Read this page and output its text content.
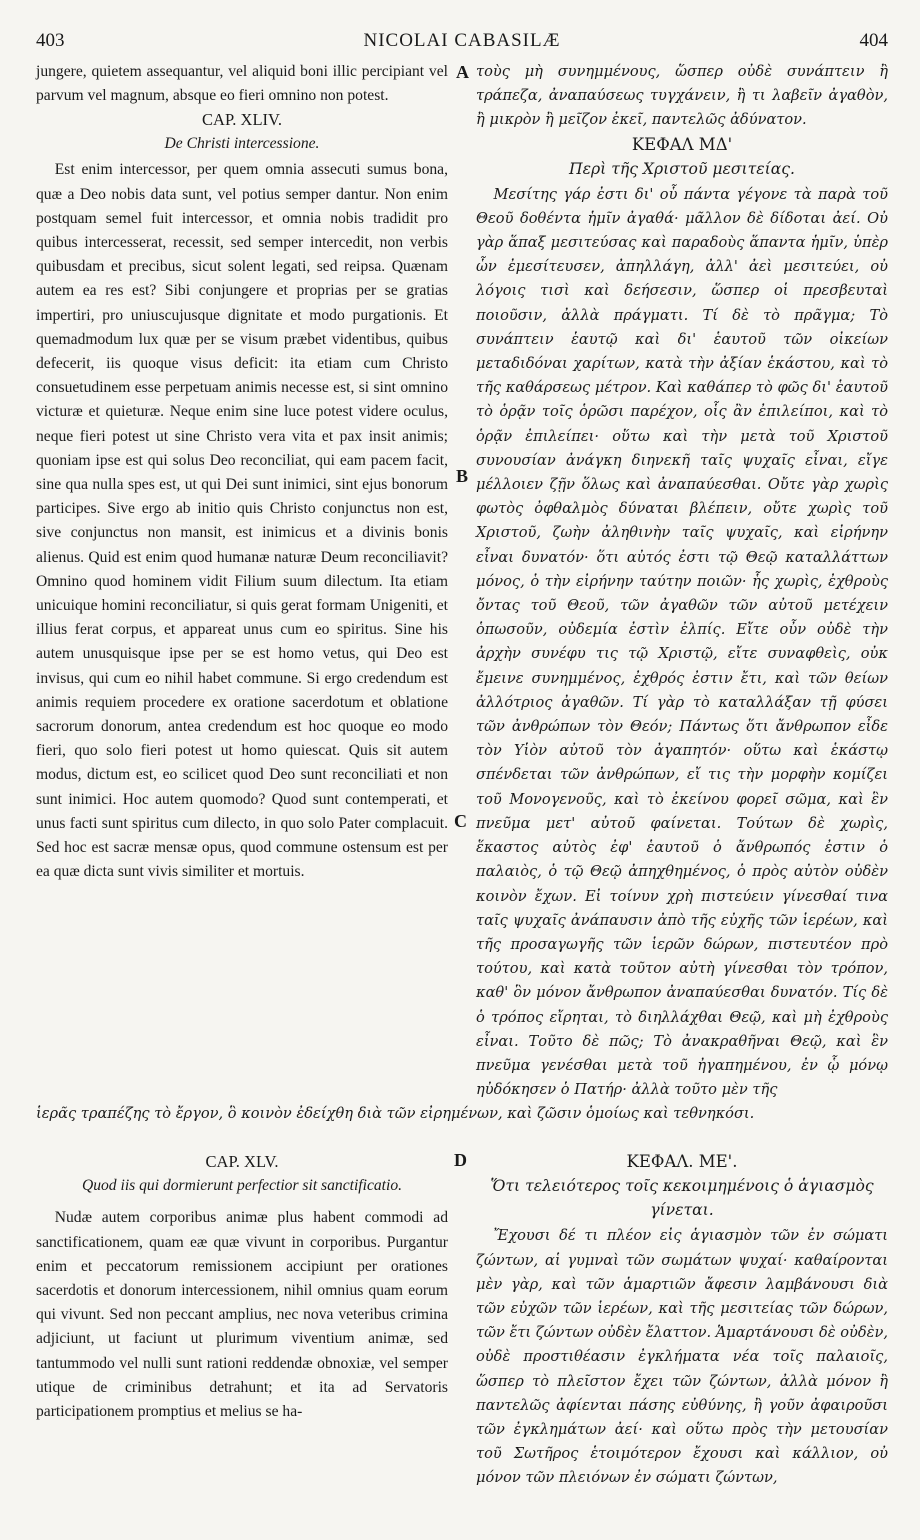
403	NICOLAI CABASILÆ	404
A
B
C

jungere, quietem assequantur, vel aliquid boni illic percipiant vel parvum vel magnum, absque eo fieri omnino non potest.

CAP. XLIV.
De Christi intercessione.

Est enim intercessor, per quem omnia assecuti sumus bona, quæ a Deo nobis data sunt, vel potius semper dantur. Non enim postquam semel fuit intercessor, et omnia nobis tradidit pro quibus intercesserat, recessit, sed semper intercedit, non verbis quibusdam et precibus, sicut solent legati, sed reipsa. Quænam autem ea res est? Sibi conjungere et proprias per se gratias impertiri, pro uniuscujusque dignitate et modo purgationis. Et quemadmodum lux quæ per se visum præbet videntibus, quibus defecerit, iis quoque visus deficit: ita etiam cum Christo consuetudinem esse perpetuam animis necesse est, si sint omnino victuræ et quieturæ. Neque enim sine luce potest videre oculus, neque fieri potest ut sine Christo vera vita et pax insit animis; quoniam ipse est qui solus Deo reconciliat, qui eam pacem facit, sine qua nulla spes est, ut qui Dei sunt inimici, sint ejus bonorum participes. Sive ergo ab initio quis Christo conjunctus non est, sive conjunctus non mansit, est inimicus et a divinis bonis alienus. Quid est enim quod humanæ naturæ Deum reconciliavit? Omnino quod hominem vidit Filium suum dilectum. Ita etiam unicuique homini reconciliatur, si quis gerat formam Unigeniti, et illius ferat corpus, et appareat unus cum eo spiritus. Sine his autem unusquisque ipse per se est homo vetus, qui Deo est invisus, qui cum eo nihil habet commune. Si ergo credendum est animis requiem procedere ex oratione sacerdotum et oblatione sacrorum donorum, antea credendum est hoc quoque eo modo fieri, quo solo fieri potest ut homo quiescat. Quis sit autem modus, dictum est, eo scilicet quod Deo sunt reconciliati et non sunt inimici. Hoc autem quomodo? Quod sunt contemperati, et unus facti sunt spiritus cum dilecto, in quo solo Pater complacuit. Sed hoc est sacræ mensæ opus, quod commune ostensum est per ea quæ dicta sunt vivis similiter et mortuis.

τοὺς μὴ συνημμένους, ὥσπερ οὐδὲ συνάπτειν ἢ τράπεζα, ἀναπαύσεως τυγχάνειν, ἢ τι λαβεῖν ἀγαθὸν, ἢ μικρὸν ἢ μεῖζον ἐκεῖ, παντελῶς ἀδύνατον.

ΚΕΦΑΛ ΜΔ'
Περὶ τῆς Χριστοῦ μεσιτείας.

Μεσίτης γάρ ἐστι δι' οὗ πάντα γέγονε τὰ παρὰ τοῦ Θεοῦ δοθέντα ἡμῖν ἀγαθά· μᾶλλον δὲ δίδοται ἀεί. Οὐ γὰρ ἅπαξ μεσιτεύσας καὶ παραδοὺς ἅπαντα ἡμῖν, ὑπὲρ ὧν ἐμεσίτευσεν, ἀπηλλάγη, ἀλλ' ἀεὶ μεσιτεύει, οὐ λόγοις τισὶ καὶ δεήσεσιν, ὥσπερ οἱ πρεσβευταὶ ποιοῦσιν, ἀλλὰ πράγματι. Τί δὲ τὸ πρᾶγμα; Τὸ συνάπτειν ἑαυτῷ καὶ δι' ἑαυτοῦ τῶν οἰκείων μεταδιδόναι χαρίτων, κατὰ τὴν ἀξίαν ἑκάστου, καὶ τὸ τῆς καθάρσεως μέτρον. Καὶ καθάπερ τὸ φῶς δι' ἑαυτοῦ τὸ ὁρᾷν τοῖς ὁρῶσι παρέχον, οἷς ἂν ἐπιλείποι, καὶ τὸ ὁρᾷν ἐπιλείπει· οὕτω καὶ τὴν μετὰ τοῦ Χριστοῦ συνουσίαν ἀνάγκη διηνεκῆ ταῖς ψυχαῖς εἶναι, εἴγε μέλλοιεν ζῇν ὅλως καὶ ἀναπαύεσθαι. Οὔτε γὰρ χωρὶς φωτὸς ὀφθαλμὸς δύναται βλέπειν, οὔτε χωρὶς τοῦ Χριστοῦ, ζωὴν ἀληθινὴν ταῖς ψυχαῖς, καὶ εἰρήνην εἶναι δυνατόν· ὅτι αὐτός ἐστι τῷ Θεῷ καταλλάττων μόνος, ὁ τὴν εἰρήνην ταύτην ποιῶν· ἧς χωρὶς, ἐχθροὺς ὄντας τοῦ Θεοῦ, τῶν ἀγαθῶν τῶν αὐτοῦ μετέχειν ὁπωσοῦν, οὐδεμία ἐστὶν ἐλπίς. Εἴτε οὖν οὐδὲ τὴν ἀρχὴν συνέφυ τις τῷ Χριστῷ, εἴτε συναφθεὶς, οὐκ ἔμεινε συνημμένος, ἐχθρός ἐστιν ἔτι, καὶ τῶν θείων ἀλλότριος ἀγαθῶν. Τί γὰρ τὸ καταλλάξαν τῇ φύσει τῶν ἀνθρώπων τὸν Θεόν; Πάντως ὅτι ἄνθρωπον εἶδε τὸν Υἱὸν αὐτοῦ τὸν ἀγαπητόν· οὕτω καὶ ἑκάστῳ σπένδεται τῶν ἀνθρώπων, εἴ τις τὴν μορφὴν κομίζει τοῦ Μονογενοῦς, καὶ τὸ ἐκείνου φορεῖ σῶμα, καὶ ἓν πνεῦμα μετ' αὐτοῦ φαίνεται. Τούτων δὲ χωρὶς, ἕκαστος αὐτὸς ἐφ' ἑαυτοῦ ὁ ἄνθρωπός ἐστιν ὁ παλαιὸς, ὁ τῷ Θεῷ ἀπηχθημένος, ὁ πρὸς αὐτὸν οὐδὲν κοινὸν ἔχων. Εἰ τοίνυν χρὴ πιστεύειν γίνεσθαί τινα ταῖς ψυχαῖς ἀνάπαυσιν ἀπὸ τῆς εὐχῆς τῶν ἱερέων, καὶ τῆς προσαγωγῆς τῶν ἱερῶν δώρων, πιστευτέον πρὸ τούτου, καὶ κατὰ τοῦτον αὐτὴ γίνεσθαι τὸν τρόπον, καθ' ὃν μόνον ἄνθρωπον ἀναπαύεσθαι δυνατόν. Τίς δὲ ὁ τρόπος εἴρηται, τὸ διηλλάχθαι Θεῷ, καὶ μὴ ἐχθροὺς εἶναι. Τοῦτο δὲ πῶς; Τὸ ἀνακραθῆναι Θεῷ, καὶ ἓν πνεῦμα γενέσθαι μετὰ τοῦ ἠγαπημένου, ἐν ᾧ μόνῳ ηὐδόκησεν ὁ Πατήρ· ἀλλὰ τοῦτο μὲν τῆς

ἱερᾶς τραπέζης τὸ ἔργον, ὃ κοινὸν ἐδείχθη διὰ τῶν εἰρημένων, καὶ ζῶσιν ὁμοίως καὶ τεθνηκόσι.

D
CAP. XLV.
Quod iis qui dormierunt perfectior sit sanctificatio.

Nudæ autem corporibus animæ plus habent commodi ad sanctificationem, quam eæ quæ vivunt in corporibus. Purgantur enim et peccatorum remissionem accipiunt per orationes sacerdotis et donorum intercessionem, nihil omnius quam eorum qui vivunt. Sed non peccant amplius, nec nova veteribus crimina adjiciunt, ut faciunt ut plurimum viventium animæ, sed tantummodo vel nulli sunt rationi reddendæ obnoxiæ, vel semper utique de criminibus detrahunt; et ita ad Servatoris participationem promptius et melius se ha-

ΚΕΦΑΛ. ΜΕ'.
Ὅτι τελειότερος τοῖς κεκοιμημένοις ὁ ἁγιασμὸς γίνεται.

Ἔχουσι δέ τι πλέον εἰς ἁγιασμὸν τῶν ἐν σώματι ζώντων, αἱ γυμναὶ τῶν σωμάτων ψυχαί· καθαίρονται μὲν γὰρ, καὶ τῶν ἁμαρτιῶν ἄφεσιν λαμβάνουσι διὰ τῶν εὐχῶν τῶν ἱερέων, καὶ τῆς μεσιτείας τῶν δώρων, τῶν ἔτι ζώντων οὐδὲν ἔλαττον. Ἁμαρτάνουσι δὲ οὐδὲν, οὐδὲ προστιθέασιν ἐγκλήματα νέα τοῖς παλαιοῖς, ὥσπερ τὸ πλεῖστον ἔχει τῶν ζώντων, ἀλλὰ μόνον ἢ παντελῶς ἀφίενται πάσης εὐθύνης, ἢ γοῦν ἀφαιροῦσι τῶν ἐγκλημάτων ἀεί· καὶ οὕτω πρὸς τὴν μετουσίαν τοῦ Σωτῆρος ἑτοιμότερον ἔχουσι καὶ κάλλιον, οὐ μόνον τῶν πλειόνων ἐν σώματι ζώντων,
